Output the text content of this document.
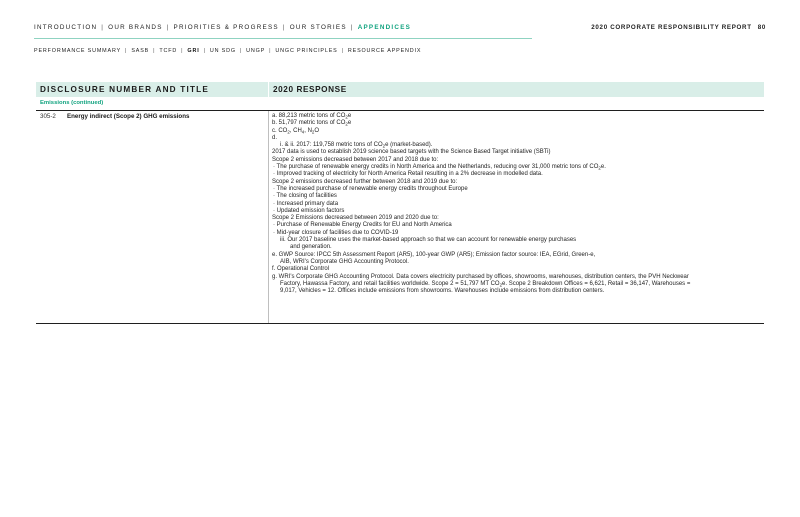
INTRODUCTION | OUR BRANDS | PRIORITIES & PROGRESS | OUR STORIES | APPENDICES	2020 CORPORATE RESPONSIBILITY REPORT 80
PERFORMANCE SUMMARY | SASB | TCFD | GRI | UN SDG | UNGP | UNGC PRINCIPLES | RESOURCE APPENDIX
DISCLOSURE NUMBER AND TITLE	2020 RESPONSE
Emissions (continued)
305-2 Energy indirect (Scope 2) GHG emissions	a. 88,213 metric tons of $CO_2e$
b. 51,797 metric tons of $CO_2e$
c. $CO_2$, $CH_4$, $N_2O$
d.
i. & ii. 2017: 119,758 metric tons of $CO_2e$ (market-based).
2017 data is used to establish 2019 science based targets with the Science Based Target initiative (SBTi)
Scope 2 emissions decreased between 2017 and 2018 due to:
· The purchase of renewable energy credits in North America and the Netherlands, reducing over 31,000 metric tons of $CO_2e$.
· Improved tracking of electricity for North America Retail resulting in a 2% decrease in modelled data.
Scope 2 emissions decreased further between 2018 and 2019 due to:
· The increased purchase of renewable energy credits throughout Europe
· The closing of facilities
· Increased primary data
· Updated emission factors
Scope 2 Emissions decreased between 2019 and 2020 due to:
· Purchase of Renewable Energy Credits for EU and North America
· Mid-year closure of facilities due to COVID-19
iii. Our 2017 baseline uses the market-based approach so that we can account for renewable energy purchases
and generation.
e. GWP Source: IPCC 5th Assessment Report (AR5), 100-year GWP (AR5); Emission factor source: IEA, EGrid, Green-e,
AIB, WRI's Corporate GHG Accounting Protocol.
f. Operational Control
g. WRI's Corporate GHG Accounting Protocol. Data covers electricity purchased by offices, showrooms, warehouses, distribution centers, the PVH Neckwear
Factory, Hawassa Factory, and retail facilities worldwide. Scope 2 = 51,797 MT $CO_2e$. Scope 2 Breakdown Offices = 6,621, Retail = 36,147, Warehouses =
9,017, Vehicles = 12. Offices include emissions from showrooms. Warehouses include emissions from distribution centers.
